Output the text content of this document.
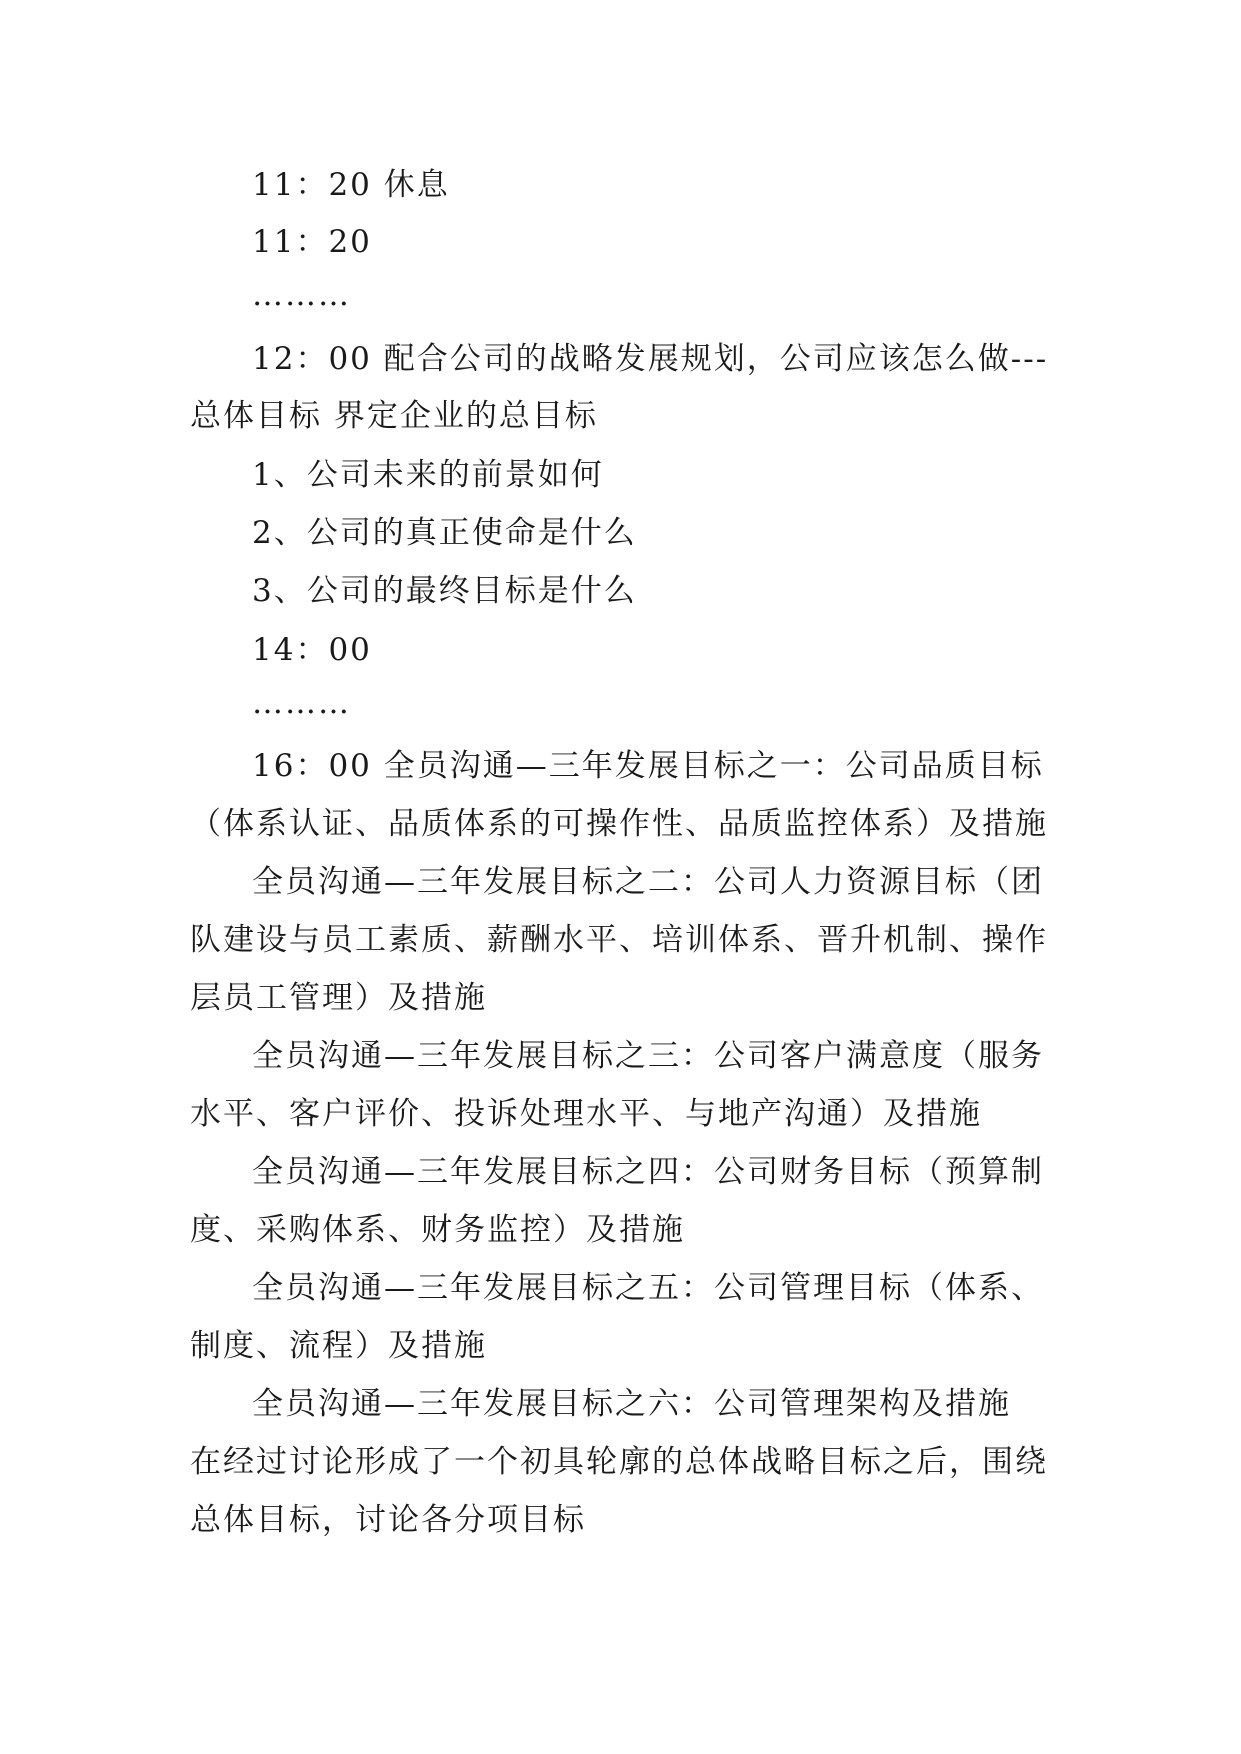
11：20 休息
11：20
………
12：00 配合公司的战略发展规划，公司应该怎么做---
总体目标 界定企业的总目标
1、公司未来的前景如何
2、公司的真正使命是什么
3、公司的最终目标是什么
14：00
………
16：00 全员沟通—三年发展目标之一：公司品质目标
（体系认证、品质体系的可操作性、品质监控体系）及措施
全员沟通—三年发展目标之二：公司人力资源目标（团
队建设与员工素质、薪酬水平、培训体系、晋升机制、操作
层员工管理）及措施
全员沟通—三年发展目标之三：公司客户满意度（服务
水平、客户评价、投诉处理水平、与地产沟通）及措施
全员沟通—三年发展目标之四：公司财务目标（预算制
度、采购体系、财务监控）及措施
全员沟通—三年发展目标之五：公司管理目标（体系、
制度、流程）及措施
全员沟通—三年发展目标之六：公司管理架构及措施
在经过讨论形成了一个初具轮廓的总体战略目标之后，围绕
总体目标，讨论各分项目标
